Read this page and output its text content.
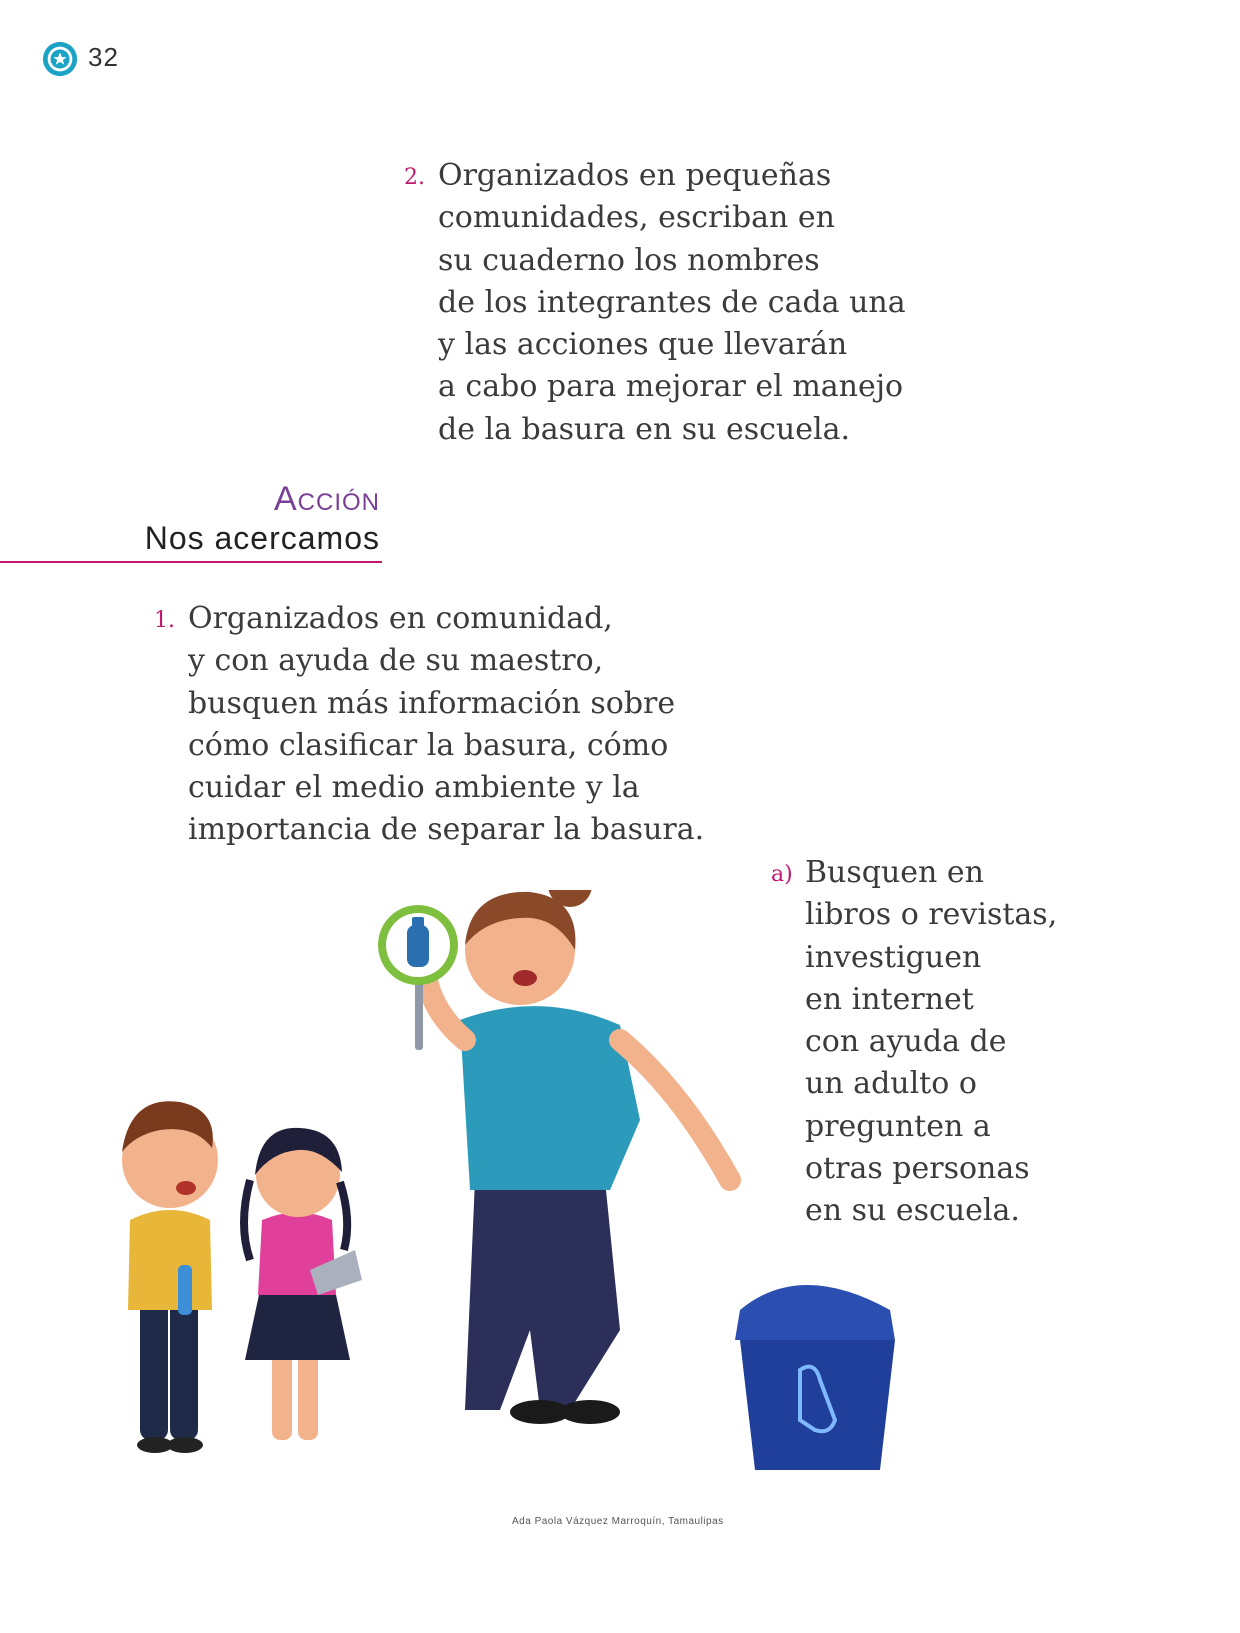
32
2. Organizados en pequeñas
comunidades, escriban en
su cuaderno los nombres
de los integrantes de cada una
y las acciones que llevarán
a cabo para mejorar el manejo
de la basura en su escuela.
Acción
Nos acercamos
1. Organizados en comunidad,
y con ayuda de su maestro,
busquen más información sobre
cómo clasificar la basura, cómo
cuidar el medio ambiente y la
importancia de separar la basura.
a) Busquen en
libros o revistas,
investiguen
en internet
con ayuda de
un adulto o
pregunten a
otras personas
en su escuela.
Ada Paola Vázquez Marroquín, Tamaulipas
